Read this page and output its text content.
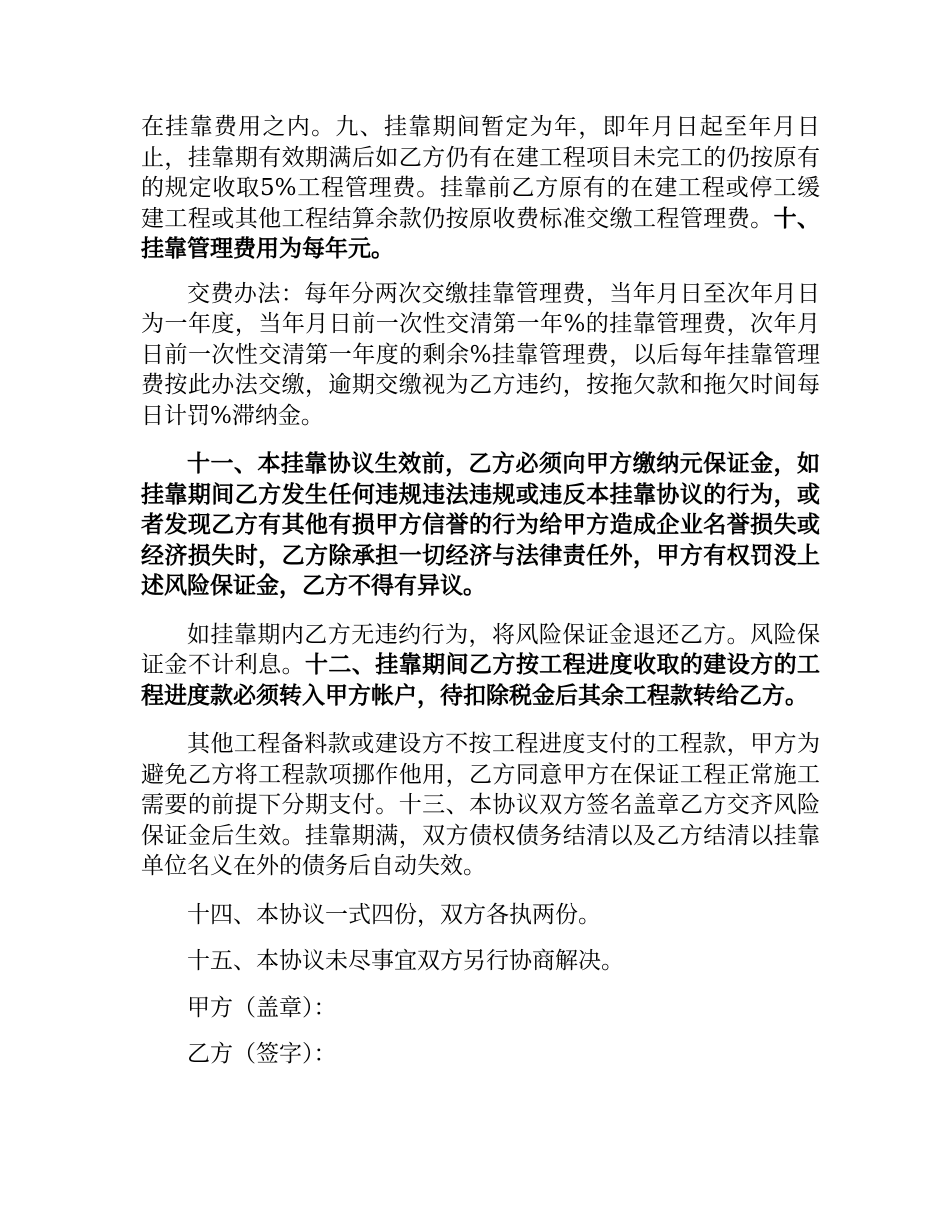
在挂靠费用之内。九、挂靠期间暂定为年，即年月日起至年月日止，挂靠期有效期满后如乙方仍有在建工程项目未完工的仍按原有的规定收取5%工程管理费。挂靠前乙方原有的在建工程或停工缓建工程或其他工程结算余款仍按原收费标准交缴工程管理费。十、挂靠管理费用为每年元。

交费办法：每年分两次交缴挂靠管理费，当年月日至次年月日为一年度，当年月日前一次性交清第一年%的挂靠管理费，次年月日前一次性交清第一年度的剩余%挂靠管理费，以后每年挂靠管理费按此办法交缴，逾期交缴视为乙方违约，按拖欠款和拖欠时间每日计罚%滞纳金。

十一、本挂靠协议生效前，乙方必须向甲方缴纳元保证金，如挂靠期间乙方发生任何违规违法违规或违反本挂靠协议的行为，或者发现乙方有其他有损甲方信誉的行为给甲方造成企业名誉损失或经济损失时，乙方除承担一切经济与法律责任外，甲方有权罚没上述风险保证金，乙方不得有异议。

如挂靠期内乙方无违约行为，将风险保证金退还乙方。风险保证金不计利息。十二、挂靠期间乙方按工程进度收取的建设方的工程进度款必须转入甲方帐户，待扣除税金后其余工程款转给乙方。

其他工程备料款或建设方不按工程进度支付的工程款，甲方为避免乙方将工程款项挪作他用，乙方同意甲方在保证工程正常施工需要的前提下分期支付。十三、本协议双方签名盖章乙方交齐风险保证金后生效。挂靠期满，双方债权债务结清以及乙方结清以挂靠单位名义在外的债务后自动失效。

十四、本协议一式四份，双方各执两份。

十五、本协议未尽事宜双方另行协商解决。

甲方（盖章）：

乙方（签字）：
